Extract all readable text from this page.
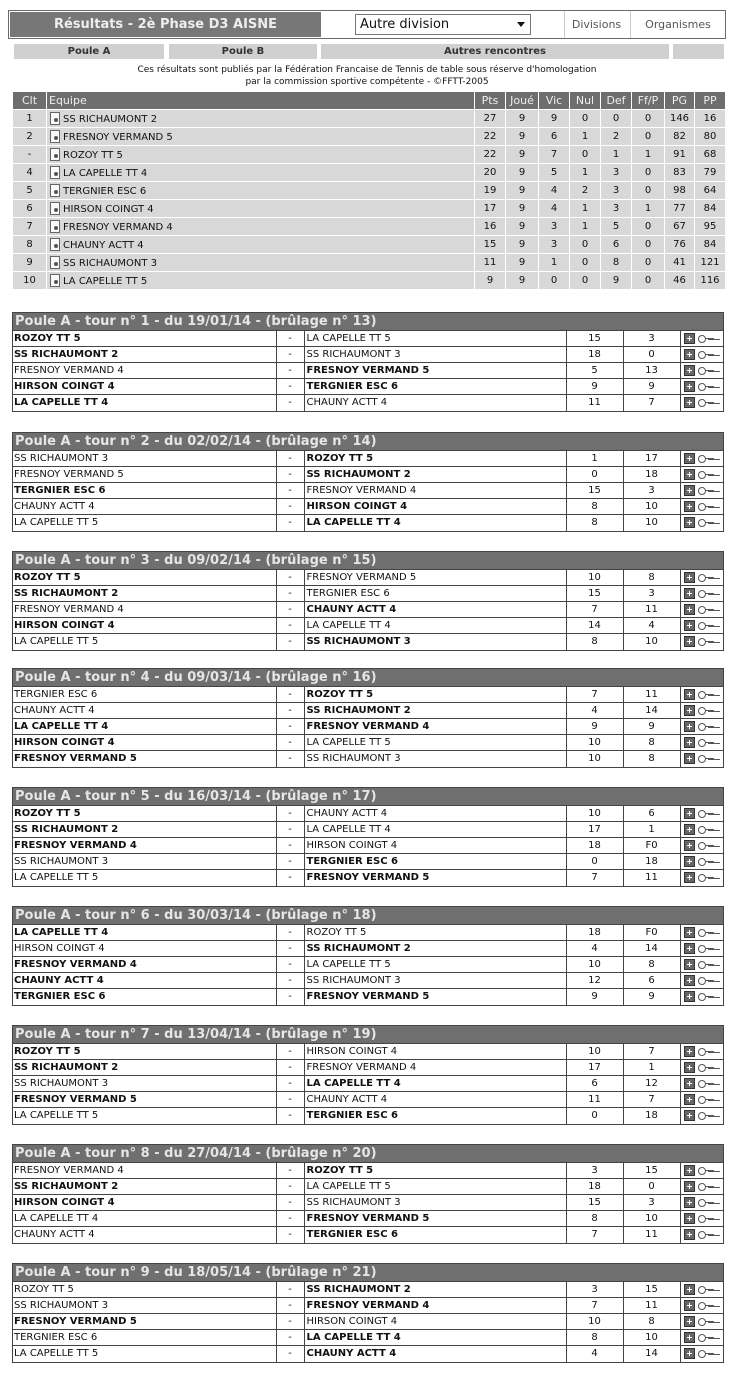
Résultats - 2è Phase D3 AISNE	Autre division	Divisions	Organismes
Poule A	Poule B	Autres rencontres
Ces résultats sont publiés par la Fédération Francaise de Tennis de table sous réserve d'homologation
par la commission sportive compétente - ©FFTT-2005
Clt	Equipe	Pts	Joué	Vic	Nul	Def	Ff/P	PG	PP
1	SS RICHAUMONT 2	27	9	9	0	0	0	146	16
2	FRESNOY VERMAND 5	22	9	6	1	2	0	82	80
-	ROZOY TT 5	22	9	7	0	1	1	91	68
4	LA CAPELLE TT 4	20	9	5	1	3	0	83	79
5	TERGNIER ESC 6	19	9	4	2	3	0	98	64
6	HIRSON COINGT 4	17	9	4	1	3	1	77	84
7	FRESNOY VERMAND 4	16	9	3	1	5	0	67	95
8	CHAUNY ACTT 4	15	9	3	0	6	0	76	84
9	SS RICHAUMONT 3	11	9	1	0	8	0	41	121
10	LA CAPELLE TT 5	9	9	0	0	9	0	46	116
Poule A - tour n° 1 - du 19/01/14 - (brûlage n° 13)
ROZOY TT 5	-	LA CAPELLE TT 5	15	3	
SS RICHAUMONT 2	-	SS RICHAUMONT 3	18	0	
FRESNOY VERMAND 4	-	FRESNOY VERMAND 5	5	13	
HIRSON COINGT 4	-	TERGNIER ESC 6	9	9	
LA CAPELLE TT 4	-	CHAUNY ACTT 4	11	7	
Poule A - tour n° 2 - du 02/02/14 - (brûlage n° 14)
SS RICHAUMONT 3	-	ROZOY TT 5	1	17	
FRESNOY VERMAND 5	-	SS RICHAUMONT 2	0	18	
TERGNIER ESC 6	-	FRESNOY VERMAND 4	15	3	
CHAUNY ACTT 4	-	HIRSON COINGT 4	8	10	
LA CAPELLE TT 5	-	LA CAPELLE TT 4	8	10	
Poule A - tour n° 3 - du 09/02/14 - (brûlage n° 15)
ROZOY TT 5	-	FRESNOY VERMAND 5	10	8	
SS RICHAUMONT 2	-	TERGNIER ESC 6	15	3	
FRESNOY VERMAND 4	-	CHAUNY ACTT 4	7	11	
HIRSON COINGT 4	-	LA CAPELLE TT 4	14	4	
LA CAPELLE TT 5	-	SS RICHAUMONT 3	8	10	
Poule A - tour n° 4 - du 09/03/14 - (brûlage n° 16)
TERGNIER ESC 6	-	ROZOY TT 5	7	11	
CHAUNY ACTT 4	-	SS RICHAUMONT 2	4	14	
LA CAPELLE TT 4	-	FRESNOY VERMAND 4	9	9	
HIRSON COINGT 4	-	LA CAPELLE TT 5	10	8	
FRESNOY VERMAND 5	-	SS RICHAUMONT 3	10	8	
Poule A - tour n° 5 - du 16/03/14 - (brûlage n° 17)
ROZOY TT 5	-	CHAUNY ACTT 4	10	6	
SS RICHAUMONT 2	-	LA CAPELLE TT 4	17	1	
FRESNOY VERMAND 4	-	HIRSON COINGT 4	18	F0	
SS RICHAUMONT 3	-	TERGNIER ESC 6	0	18	
LA CAPELLE TT 5	-	FRESNOY VERMAND 5	7	11	
Poule A - tour n° 6 - du 30/03/14 - (brûlage n° 18)
LA CAPELLE TT 4	-	ROZOY TT 5	18	F0	
HIRSON COINGT 4	-	SS RICHAUMONT 2	4	14	
FRESNOY VERMAND 4	-	LA CAPELLE TT 5	10	8	
CHAUNY ACTT 4	-	SS RICHAUMONT 3	12	6	
TERGNIER ESC 6	-	FRESNOY VERMAND 5	9	9	
Poule A - tour n° 7 - du 13/04/14 - (brûlage n° 19)
ROZOY TT 5	-	HIRSON COINGT 4	10	7	
SS RICHAUMONT 2	-	FRESNOY VERMAND 4	17	1	
SS RICHAUMONT 3	-	LA CAPELLE TT 4	6	12	
FRESNOY VERMAND 5	-	CHAUNY ACTT 4	11	7	
LA CAPELLE TT 5	-	TERGNIER ESC 6	0	18	
Poule A - tour n° 8 - du 27/04/14 - (brûlage n° 20)
FRESNOY VERMAND 4	-	ROZOY TT 5	3	15	
SS RICHAUMONT 2	-	LA CAPELLE TT 5	18	0	
HIRSON COINGT 4	-	SS RICHAUMONT 3	15	3	
LA CAPELLE TT 4	-	FRESNOY VERMAND 5	8	10	
CHAUNY ACTT 4	-	TERGNIER ESC 6	7	11	
Poule A - tour n° 9 - du 18/05/14 - (brûlage n° 21)
ROZOY TT 5	-	SS RICHAUMONT 2	3	15	
SS RICHAUMONT 3	-	FRESNOY VERMAND 4	7	11	
FRESNOY VERMAND 5	-	HIRSON COINGT 4	10	8	
TERGNIER ESC 6	-	LA CAPELLE TT 4	8	10	
LA CAPELLE TT 5	-	CHAUNY ACTT 4	4	14	
